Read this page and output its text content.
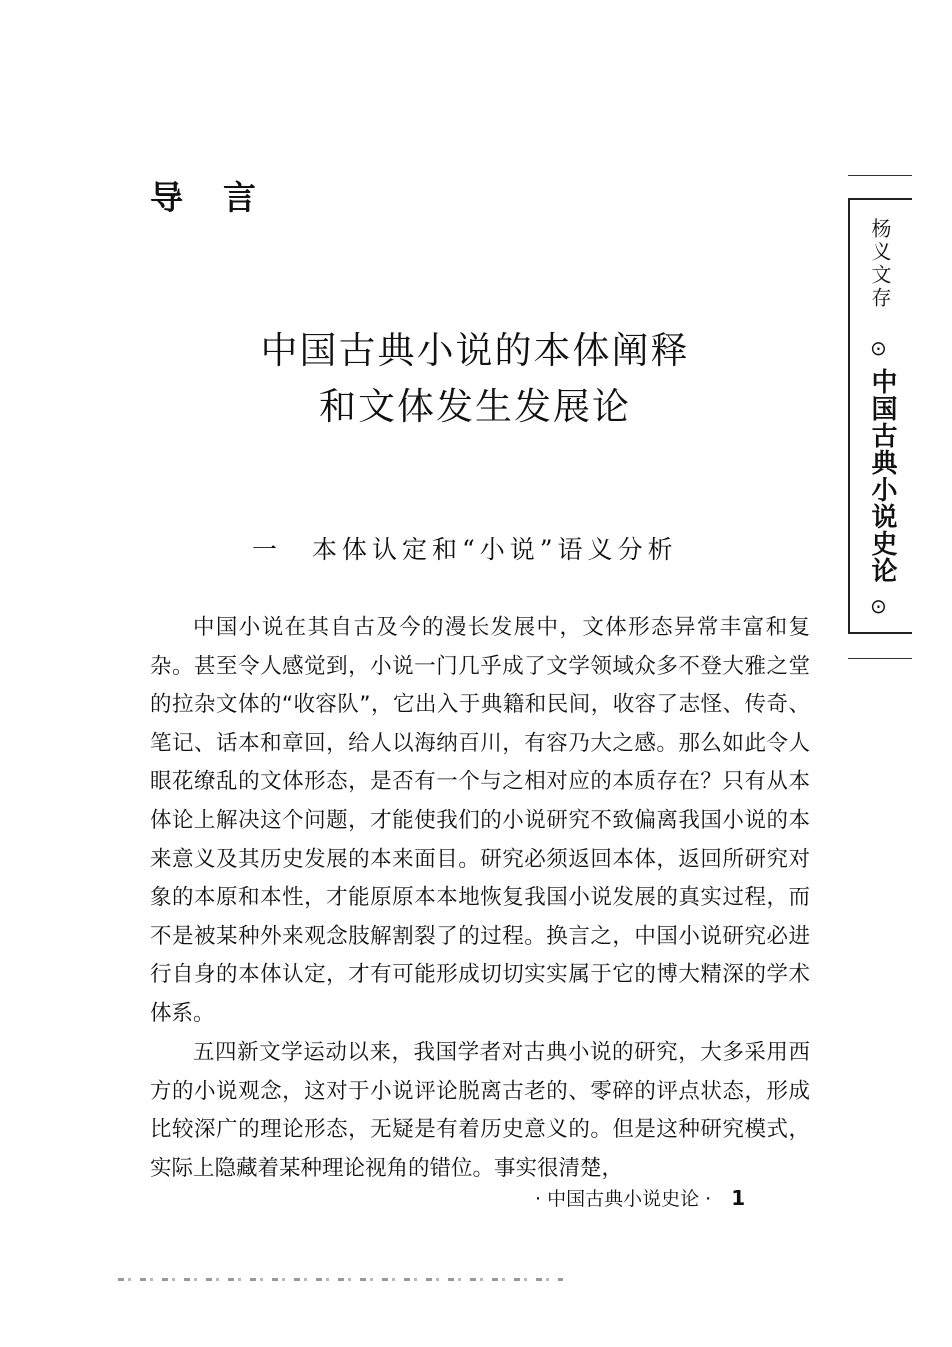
导言
中国古典小说的本体阐释
和文体发生发展论
一　本体认定和“小说”语义分析

中国小说在其自古及今的漫长发展中，文体形态异常丰富和复杂。甚至令人感觉到，小说一门几乎成了文学领域众多不登大雅之堂的拉杂文体的“收容队”，它出入于典籍和民间，收容了志怪、传奇、笔记、话本和章回，给人以海纳百川，有容乃大之感。那么如此令人眼花缭乱的文体形态，是否有一个与之相对应的本质存在？只有从本体论上解决这个问题，才能使我们的小说研究不致偏离我国小说的本来意义及其历史发展的本来面目。研究必须返回本体，返回所研究对象的本原和本性，才能原原本本地恢复我国小说发展的真实过程，而不是被某种外来观念肢解割裂了的过程。换言之，中国小说研究必进行自身的本体认定，才有可能形成切切实实属于它的博大精深的学术体系。

五四新文学运动以来，我国学者对古典小说的研究，大多采用西方的小说观念，这对于小说评论脱离古老的、零碎的评点状态，形成比较深广的理论形态，无疑是有着历史意义的。但是这种研究模式，实际上隐藏着某种理论视角的错位。事实很清楚，

· 中国古典小说史论 · 1
杨义文存
⊙
中国古典小说史论
⊙
